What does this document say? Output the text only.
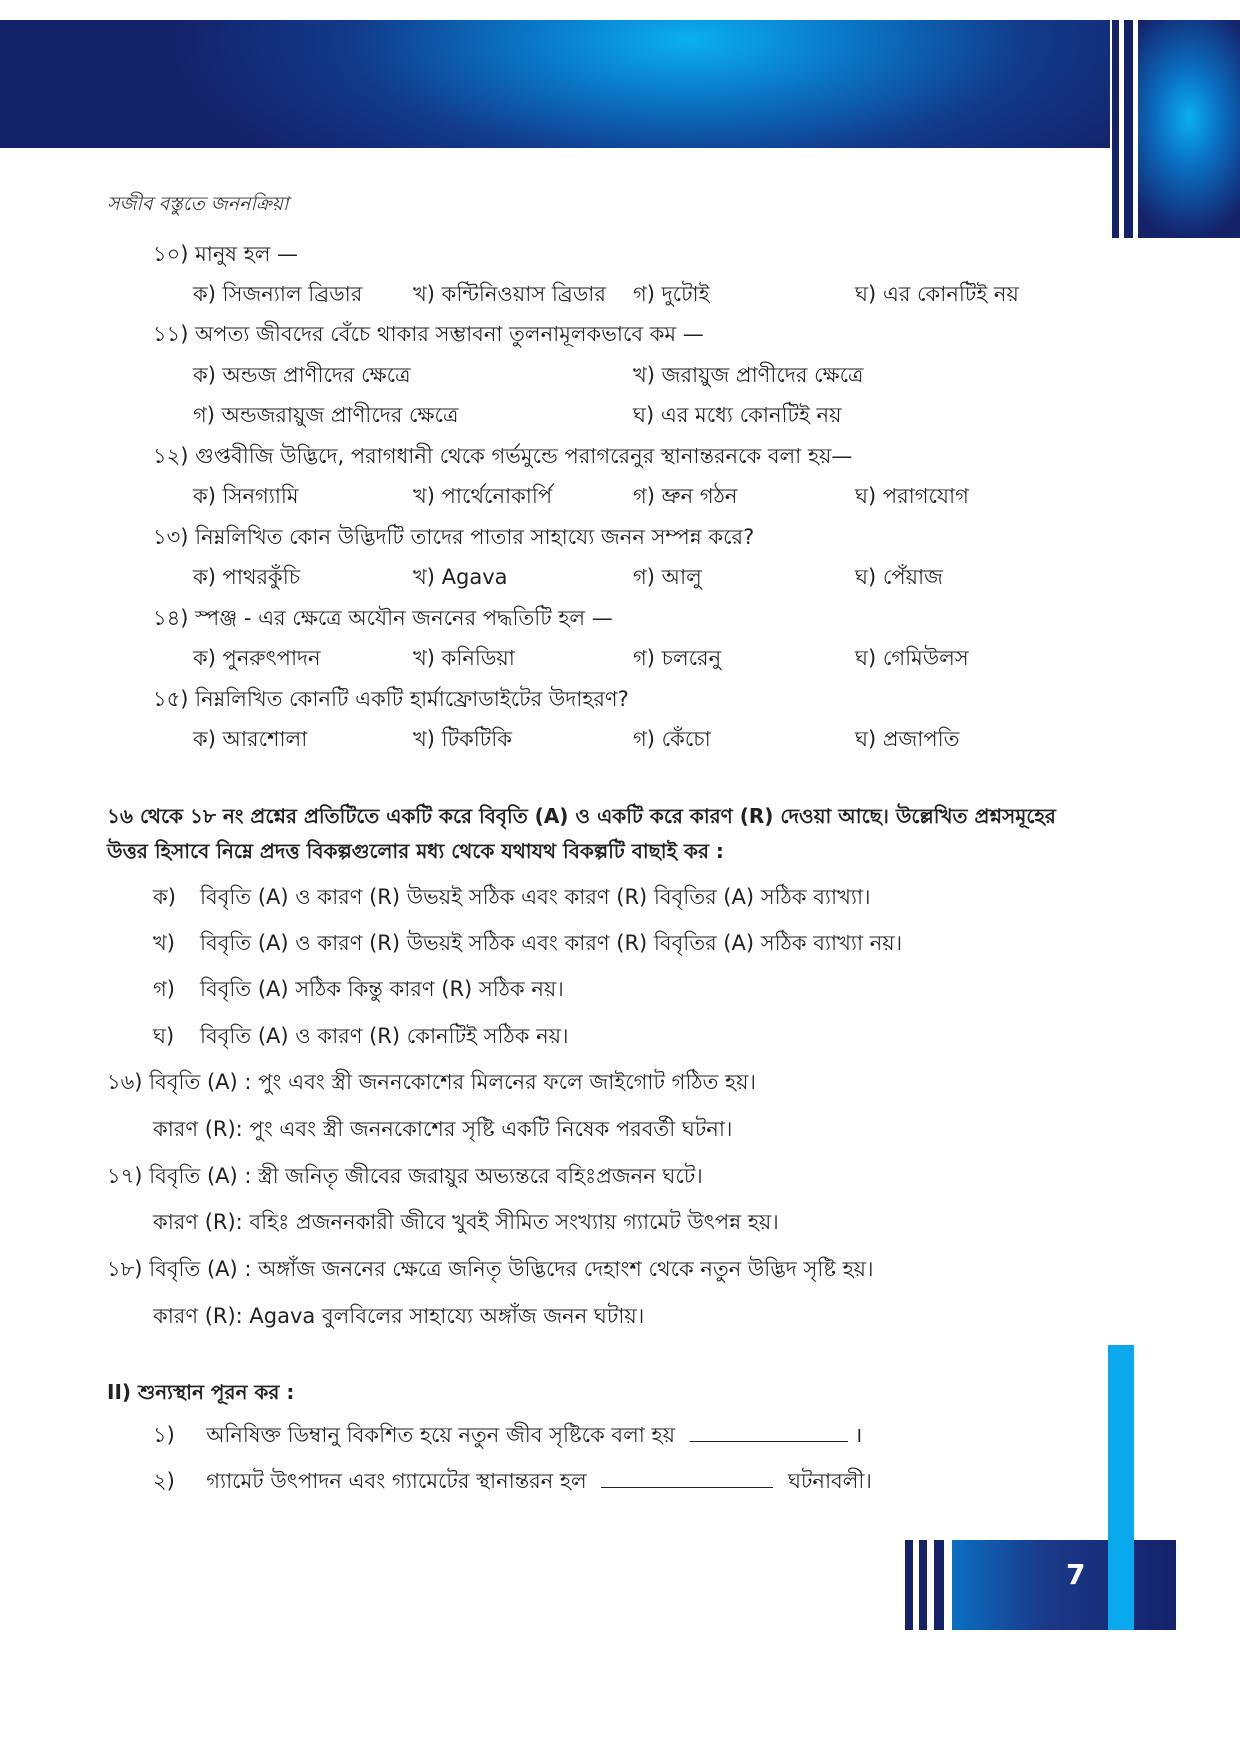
সজীব বস্তুতে জননক্রিয়া
১০) মানুষ হল —
ক) সিজন্যাল ব্রিডার খ) কন্টিনিওয়াস ব্রিডার গ) দুটোই	ঘ) এর কোনটিই নয়
১১) অপত্য জীবদের বেঁচে থাকার সম্ভাবনা তুলনামূলকভাবে কম —
ক) অন্ডজ প্রাণীদের ক্ষেত্রে	খ) জরায়ুজ প্রাণীদের ক্ষেত্রে
গ) অন্ডজরায়ুজ প্রাণীদের ক্ষেত্রে	ঘ) এর মধ্যে কোনটিই নয়
১২) গুপ্তবীজি উদ্ভিদে, পরাগধানী থেকে গর্ভমুন্ডে পরাগরেনুর স্থানান্তরনকে বলা হয়—
ক) সিনগ্যামি	খ) পার্থেনোকার্পি	গ) ভ্রুন গঠন	ঘ) পরাগযোগ
১৩) নিম্নলিখিত কোন উদ্ভিদটি তাদের পাতার সাহায্যে জনন সম্পন্ন করে?
ক) পাথরকুঁচি	খ) Agava	গ) আলু	ঘ) পেঁয়াজ
১৪) স্পঞ্জ - এর ক্ষেত্রে অযৌন জননের পদ্ধতিটি হল —
ক) পুনরুৎপাদন	খ) কনিডিয়া	গ) চলরেনু	ঘ) গেমিউলস
১৫) নিম্নলিখিত কোনটি একটি হার্মাফ্রোডাইটের উদাহরণ?
ক) আরশোলা	খ) টিকটিকি	গ) কেঁচো	ঘ) প্রজাপতি
১৬ থেকে ১৮ নং প্রশ্নের প্রতিটিতে একটি করে বিবৃতি (A) ও একটি করে কারণ (R) দেওয়া আছে। উল্লেখিত প্রশ্নসমূহের
উত্তর হিসাবে নিম্নে প্রদত্ত বিকল্পগুলোর মধ্য থেকে যথাযথ বিকল্পটি বাছাই কর :
ক) বিবৃতি (A) ও কারণ (R) উভয়ই সঠিক এবং কারণ (R) বিবৃতির (A) সঠিক ব্যাখ্যা।
খ) বিবৃতি (A) ও কারণ (R) উভয়ই সঠিক এবং কারণ (R) বিবৃতির (A) সঠিক ব্যাখ্যা নয়।
গ) বিবৃতি (A) সঠিক কিন্তু কারণ (R) সঠিক নয়।
ঘ) বিবৃতি (A) ও কারণ (R) কোনটিই সঠিক নয়।
১৬) বিবৃতি (A) : পুং এবং স্ত্রী জননকোশের মিলনের ফলে জাইগোট গঠিত হয়।
কারণ (R): পুং এবং স্ত্রী জননকোশের সৃষ্টি একটি নিষেক পরবর্তী ঘটনা।
১৭) বিবৃতি (A) : স্ত্রী জনিতৃ জীবের জরায়ুর অভ্যন্তরে বহিঃপ্রজনন ঘটে।
কারণ (R): বহিঃ প্রজননকারী জীবে খুবই সীমিত সংখ্যায় গ্যামেট উৎপন্ন হয়।
১৮) বিবৃতি (A) : অঙ্গাঁজ জননের ক্ষেত্রে জনিতৃ উদ্ভিদের দেহাংশ থেকে নতুন উদ্ভিদ সৃষ্টি হয়।
কারণ (R): Agava বুলবিলের সাহায্যে অঙ্গাঁজ জনন ঘটায়।
II) শুন্যস্থান পূরন কর :
১) অনিষিক্ত ডিম্বানু বিকশিত হয়ে নতুন জীব সৃষ্টিকে বলা হয়	।
২) গ্যামেট উৎপাদন এবং গ্যামেটের স্থানান্তরন হল	ঘটনাবলী।
7
